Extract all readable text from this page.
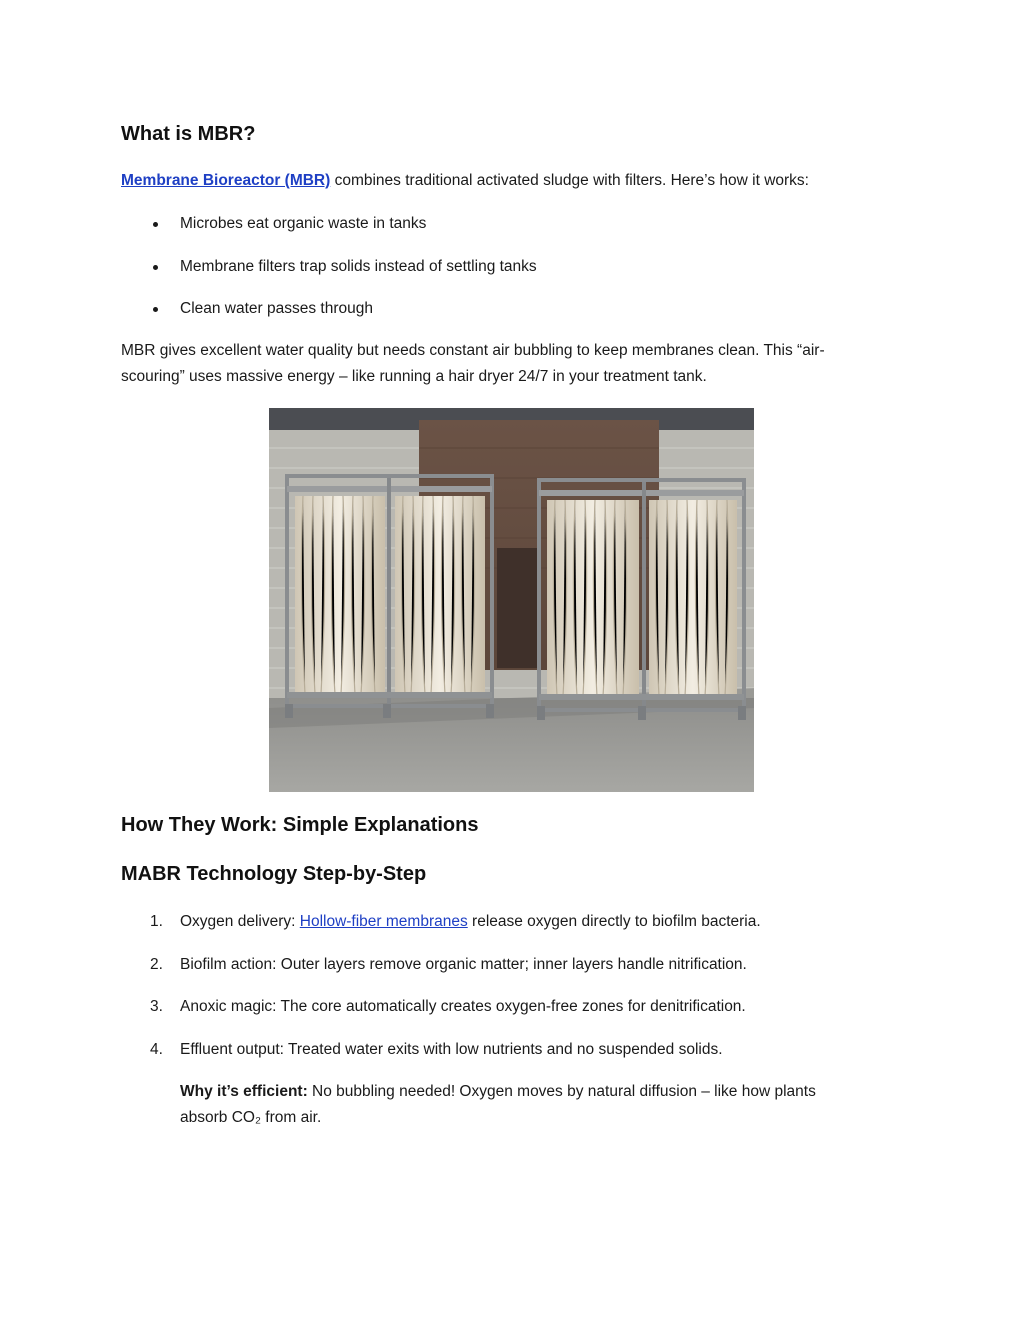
What is MBR?

Membrane Bioreactor (MBR) combines traditional activated sludge with filters. Here’s how it works:

Microbes eat organic waste in tanks
Membrane filters trap solids instead of settling tanks
Clean water passes through

MBR gives excellent water quality but needs constant air bubbling to keep membranes clean. This “air-
scouring” uses massive energy – like running a hair dryer 24/7 in your treatment tank.

How They Work: Simple Explanations
MABR Technology Step-by-Step
1. Oxygen delivery: Hollow-fiber membranes release oxygen directly to biofilm bacteria.
2. Biofilm action: Outer layers remove organic matter; inner layers handle nitrification.
3. Anoxic magic: The core automatically creates oxygen-free zones for denitrification.
4. Effluent output: Treated water exits with low nutrients and no suspended solids.

Why it’s efficient: No bubbling needed! Oxygen moves by natural diffusion – like how plants
absorb CO₂ from air.
